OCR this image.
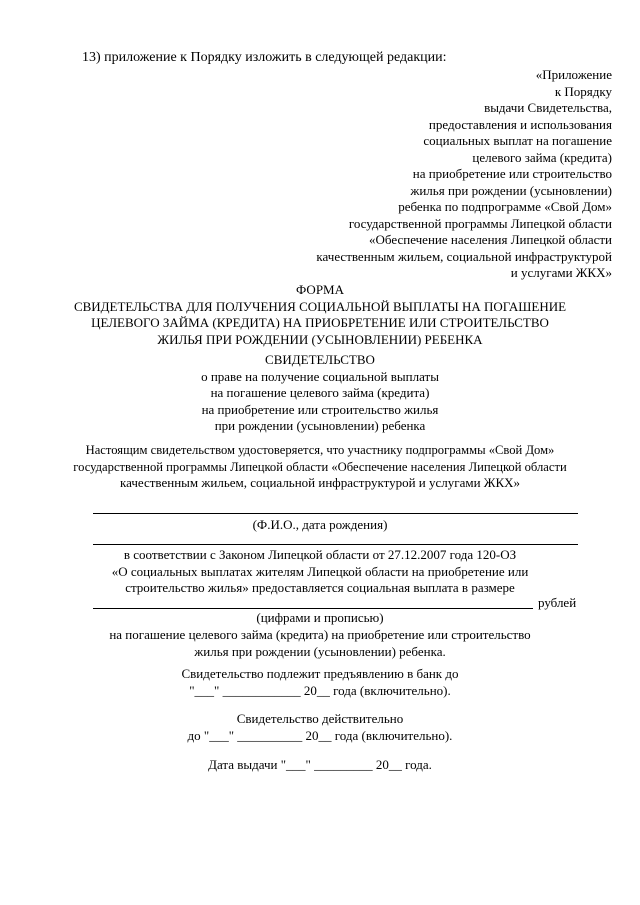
13) приложение к Порядку изложить в следующей редакции:
«Приложение
к Порядку
выдачи Свидетельства,
предоставления и использования
социальных выплат на погашение
целевого займа (кредита)
на приобретение или строительство
жилья при рождении (усыновлении)
ребенка по подпрограмме «Свой Дом»
государственной программы Липецкой области
«Обеспечение населения Липецкой области
качественным жильем, социальной инфраструктурой
и услугами ЖКХ»
ФОРМА
СВИДЕТЕЛЬСТВА ДЛЯ ПОЛУЧЕНИЯ СОЦИАЛЬНОЙ ВЫПЛАТЫ НА ПОГАШЕНИЕ
ЦЕЛЕВОГО ЗАЙМА (КРЕДИТА) НА ПРИОБРЕТЕНИЕ ИЛИ СТРОИТЕЛЬСТВО
ЖИЛЬЯ ПРИ РОЖДЕНИИ (УСЫНОВЛЕНИИ) РЕБЕНКА
СВИДЕТЕЛЬСТВО
о праве на получение социальной выплаты
на погашение целевого займа (кредита)
на приобретение или строительство жилья
при рождении (усыновлении) ребенка
Настоящим свидетельством удостоверяется, что участнику подпрограммы «Свой Дом»
государственной программы Липецкой области «Обеспечение населения Липецкой области
качественным жильем, социальной инфраструктурой и услугами ЖКХ»
(Ф.И.О., дата рождения)
в соответствии с Законом Липецкой области от 27.12.2007 года 120-ОЗ
«О социальных выплатах жителям Липецкой области на приобретение или
строительство жилья» предоставляется социальная выплата в размере
рублей
(цифрами и прописью)
на погашение целевого займа (кредита) на приобретение или строительство
жилья при рождении (усыновлении) ребенка.
Свидетельство подлежит предъявлению в банк до
"___" ____________ 20__ года (включительно).
Свидетельство действительно
до "___" __________ 20__ года (включительно).
Дата выдачи "___" _________ 20__ года.
